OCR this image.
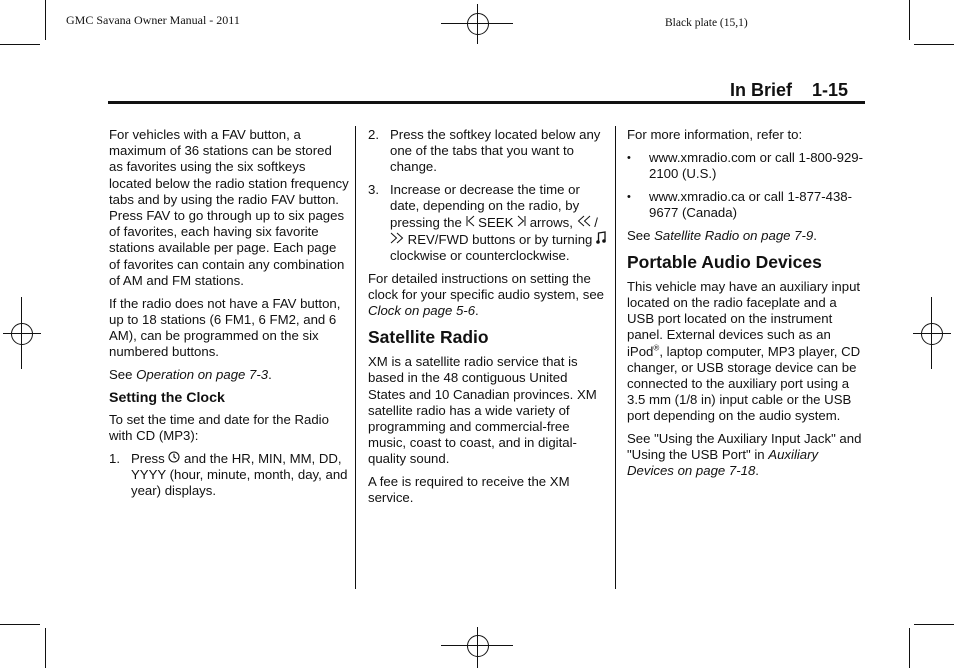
GMC Savana Owner Manual - 2011	Black plate (15,1)
In Brief 1-15

For vehicles with a FAV button, a maximum of 36 stations can be stored as favorites using the six softkeys located below the radio station frequency tabs and by using the radio FAV button. Press FAV to go through up to six pages of favorites, each having six favorite stations available per page. Each page of favorites can contain any combination of AM and FM stations.

If the radio does not have a FAV button, up to 18 stations (6 FM1, 6 FM2, and 6 AM), can be programmed on the six numbered buttons.

See Operation on page 7-3.

Setting the Clock

To set the time and date for the Radio with CD (MP3):

1. Press  and the HR, MIN, MM, DD, YYYY (hour, minute, month, day, and year) displays.
2. Press the softkey located below any one of the tabs that you want to change.
3. Increase or decrease the time or date, depending on the radio, by pressing the  SEEK  arrows,  /  REV/FWD buttons or by turning  clockwise or counterclockwise.

For detailed instructions on setting the clock for your specific audio system, see Clock on page 5-6.

Satellite Radio

XM is a satellite radio service that is based in the 48 contiguous United States and 10 Canadian provinces. XM satellite radio has a wide variety of programming and commercial-free music, coast to coast, and in digital-quality sound.

A fee is required to receive the XM service.

For more information, refer to:

•	www.xmradio.com or call 1-800-929-2100 (U.S.)
•	www.xmradio.ca or call 1-877-438-9677 (Canada)

See Satellite Radio on page 7-9.

Portable Audio Devices

This vehicle may have an auxiliary input located on the radio faceplate and a USB port located on the instrument panel. External devices such as an iPod®, laptop computer, MP3 player, CD changer, or USB storage device can be connected to the auxiliary port using a 3.5 mm (1/8 in) input cable or the USB port depending on the audio system.

See "Using the Auxiliary Input Jack" and "Using the USB Port" in Auxiliary Devices on page 7-18.
